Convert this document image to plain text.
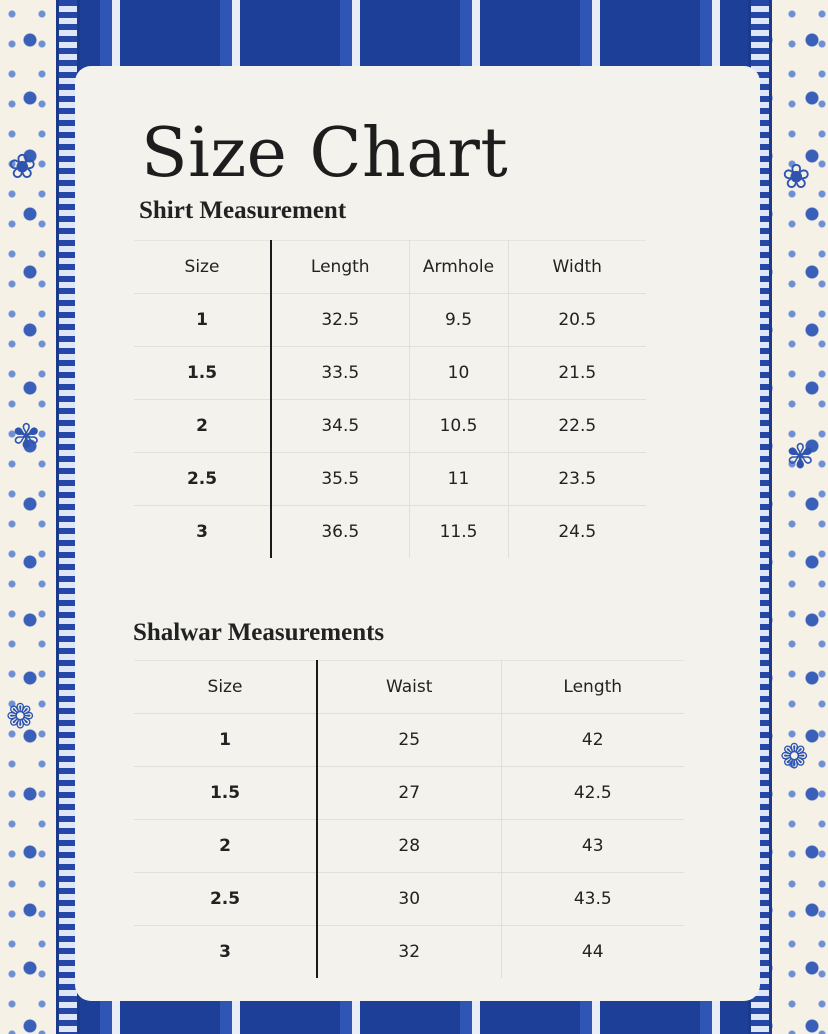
❀
✾
❁
❀
✾
❁
Size Chart
Shirt Measurement
Size	Length	Armhole	Width
1	32.5	9.5	20.5
1.5	33.5	10	21.5
2	34.5	10.5	22.5
2.5	35.5	11	23.5
3	36.5	11.5	24.5
Shalwar Measurements
Size	Waist	Length
1	25	42
1.5	27	42.5
2	28	43
2.5	30	43.5
3	32	44
